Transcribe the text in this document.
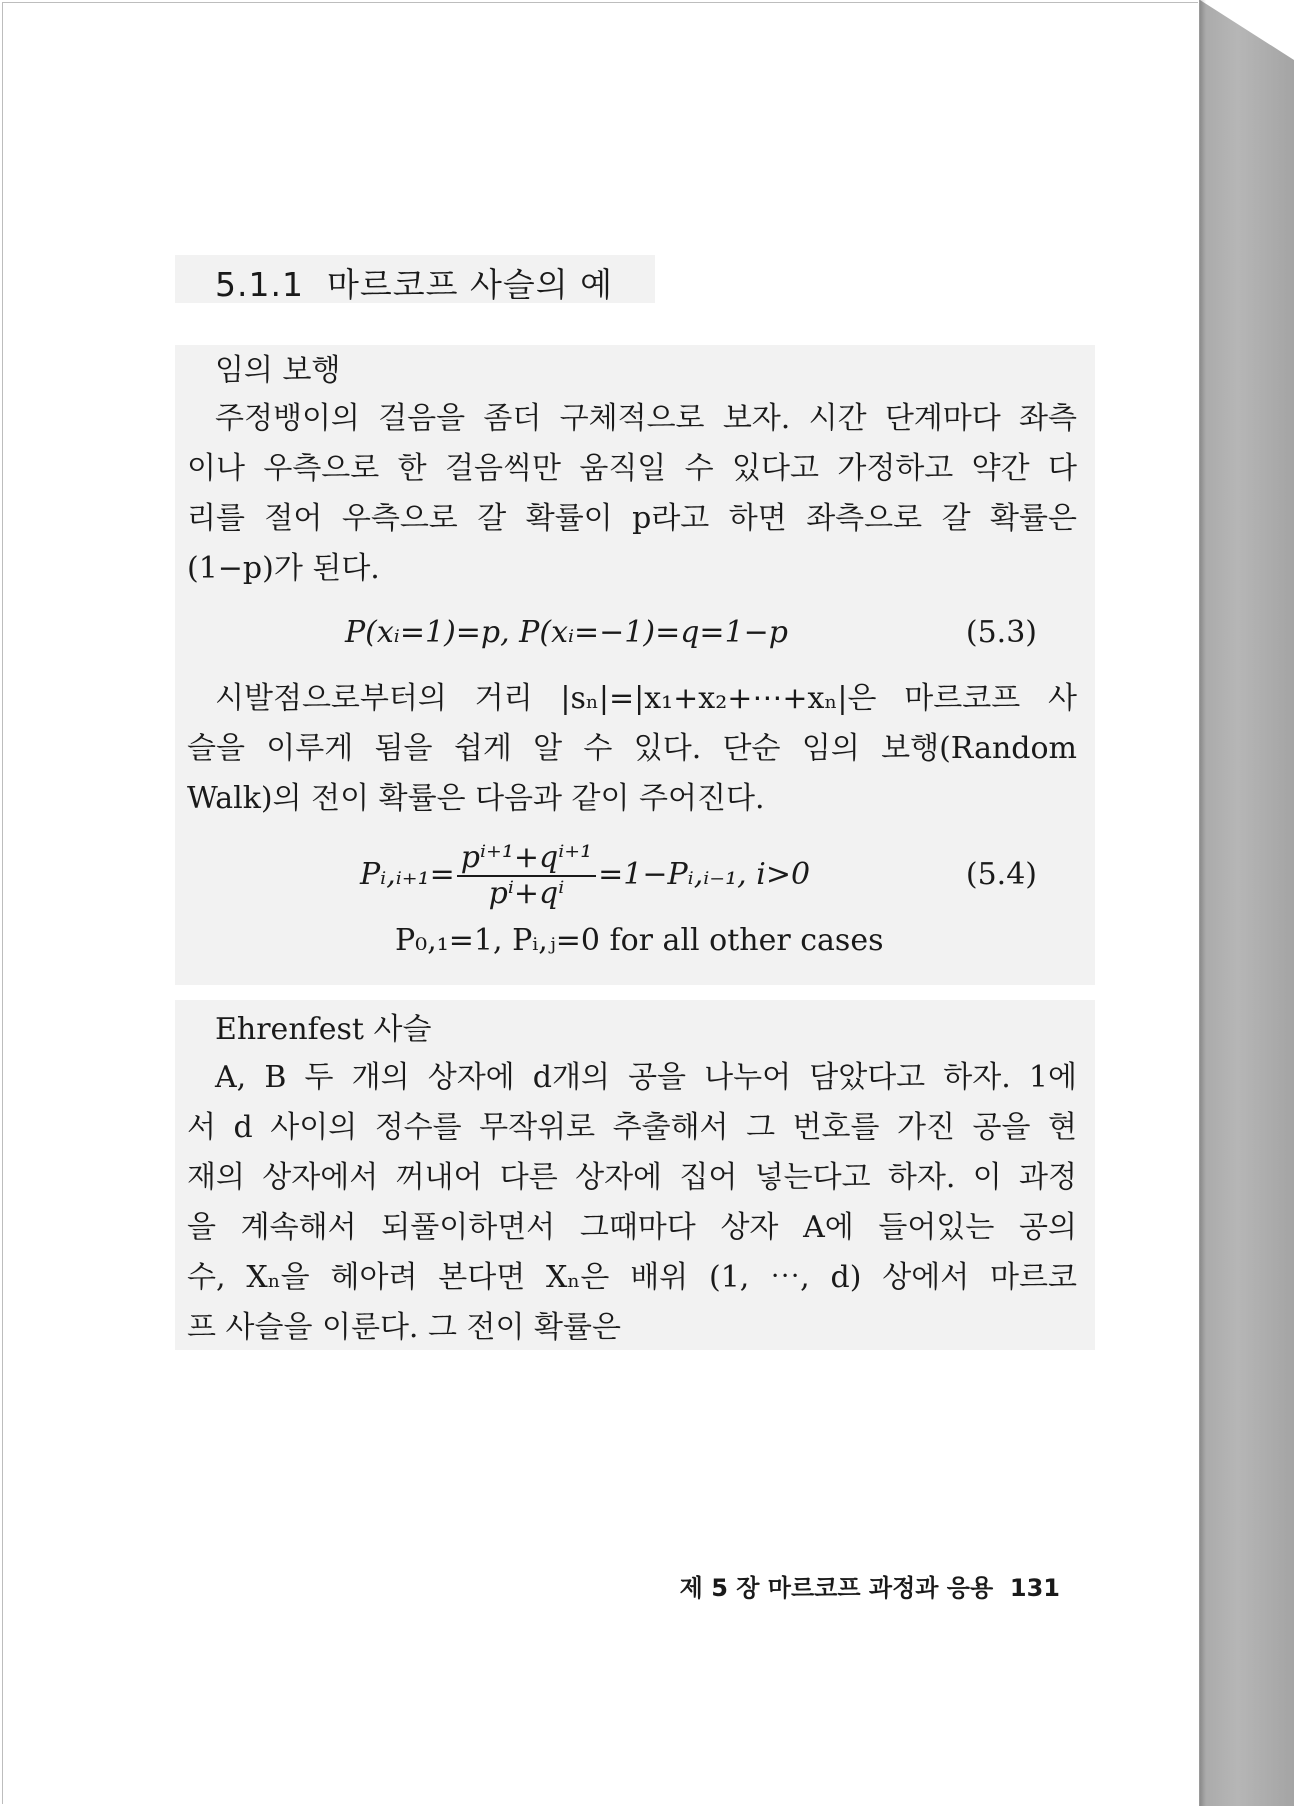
5.1.1 마르코프 사슬의 예
임의 보행
주정뱅이의 걸음을 좀더 구체적으로 보자. 시간 단계마다 좌측
이나 우측으로 한 걸음씩만 움직일 수 있다고 가정하고 약간 다
리를 절어 우측으로 갈 확률이 p라고 하면 좌측으로 갈 확률은
(1−p)가 된다.
P(xᵢ=1)=p, P(xᵢ=−1)=q=1−p	(5.3)
시발점으로부터의 거리 |sₙ|=|x₁+x₂+⋯+xₙ|은 마르코프 사
슬을 이루게 됨을 쉽게 알 수 있다. 단순 임의 보행(Random
Walk)의 전이 확률은 다음과 같이 주어진다.
Pᵢ,ᵢ₊₁= $\frac{\text{pⁱ⁺¹+qⁱ⁺¹}}{\text{pⁱ+qⁱ}}$ =1−Pᵢ,ᵢ₋₁, i>0	(5.4)
P₀,₁=1, Pᵢ,ⱼ=0 for all other cases
Ehrenfest 사슬
A, B 두 개의 상자에 d개의 공을 나누어 담았다고 하자. 1에
서 d 사이의 정수를 무작위로 추출해서 그 번호를 가진 공을 현
재의 상자에서 꺼내어 다른 상자에 집어 넣는다고 하자. 이 과정
을 계속해서 되풀이하면서 그때마다 상자 A에 들어있는 공의
수, Xₙ을 헤아려 본다면 Xₙ은 배위 (1, ⋯, d) 상에서 마르코
프 사슬을 이룬다. 그 전이 확률은
제 5 장 마르코프 과정과 응용 131
